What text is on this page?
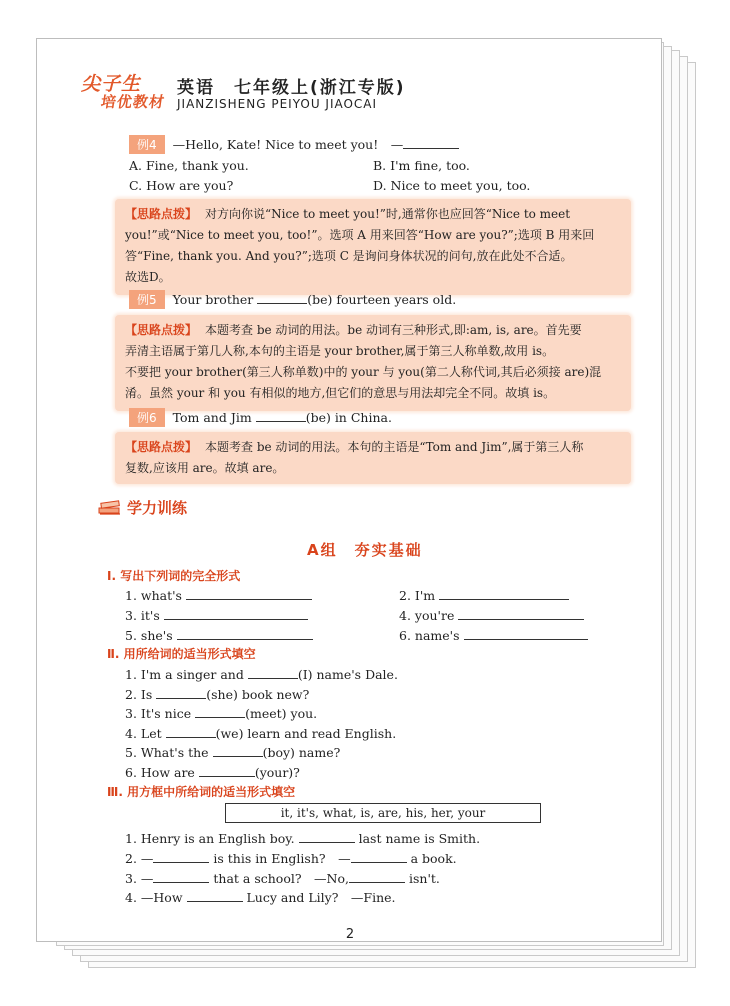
尖子生
培优教材
英语　七年级上(浙江专版)
JIANZISHENG PEIYOU JIAOCAI
例4 —Hello, Kate! Nice to meet you!　—
A. Fine, thank you.	B. I'm fine, too.
C. How are you?	D. Nice to meet you, too.
【思路点拨】 对方向你说“Nice to meet you!”时,通常你也应回答“Nice to meet
you!”或“Nice to meet you, too!”。选项 A 用来回答“How are you?”;选项 B 用来回
答“Fine, thank you. And you?”;选项 C 是询问身体状况的问句,放在此处不合适。
故选D。
例5 Your brother	(be) fourteen years old.
【思路点拨】 本题考查 be 动词的用法。be 动词有三种形式,即:am, is, are。首先要
弄清主语属于第几人称,本句的主语是 your brother,属于第三人称单数,故用 is。
不要把 your brother(第三人称单数)中的 your 与 you(第二人称代词,其后必须接 are)混
淆。虽然 your 和 you 有相似的地方,但它们的意思与用法却完全不同。故填 is。
例6 Tom and Jim	(be) in China.
【思路点拨】 本题考查 be 动词的用法。本句的主语是“Tom and Jim”,属于第三人称
复数,应该用 are。故填 are。
学力训练
A组　夯实基础
Ⅰ. 写出下列词的完全形式
1. what's	2. I'm
3. it's	4. you're
5. she's	6. name's
Ⅱ. 用所给词的适当形式填空
1. I'm a singer and	(I) name's Dale.
2. Is	(she) book new?
3. It's nice	(meet) you.
4. Let	(we) learn and read English.
5. What's the	(boy) name?
6. How are	(your)?
Ⅲ. 用方框中所给词的适当形式填空
it, it's, what, is, are, his, her, your
1. Henry is an English boy.	last name is Smith.
2. —	is this in English?　—	a book.
3. —	that a school?　—No,	isn't.
4. —How	Lucy and Lily?　—Fine.
2
